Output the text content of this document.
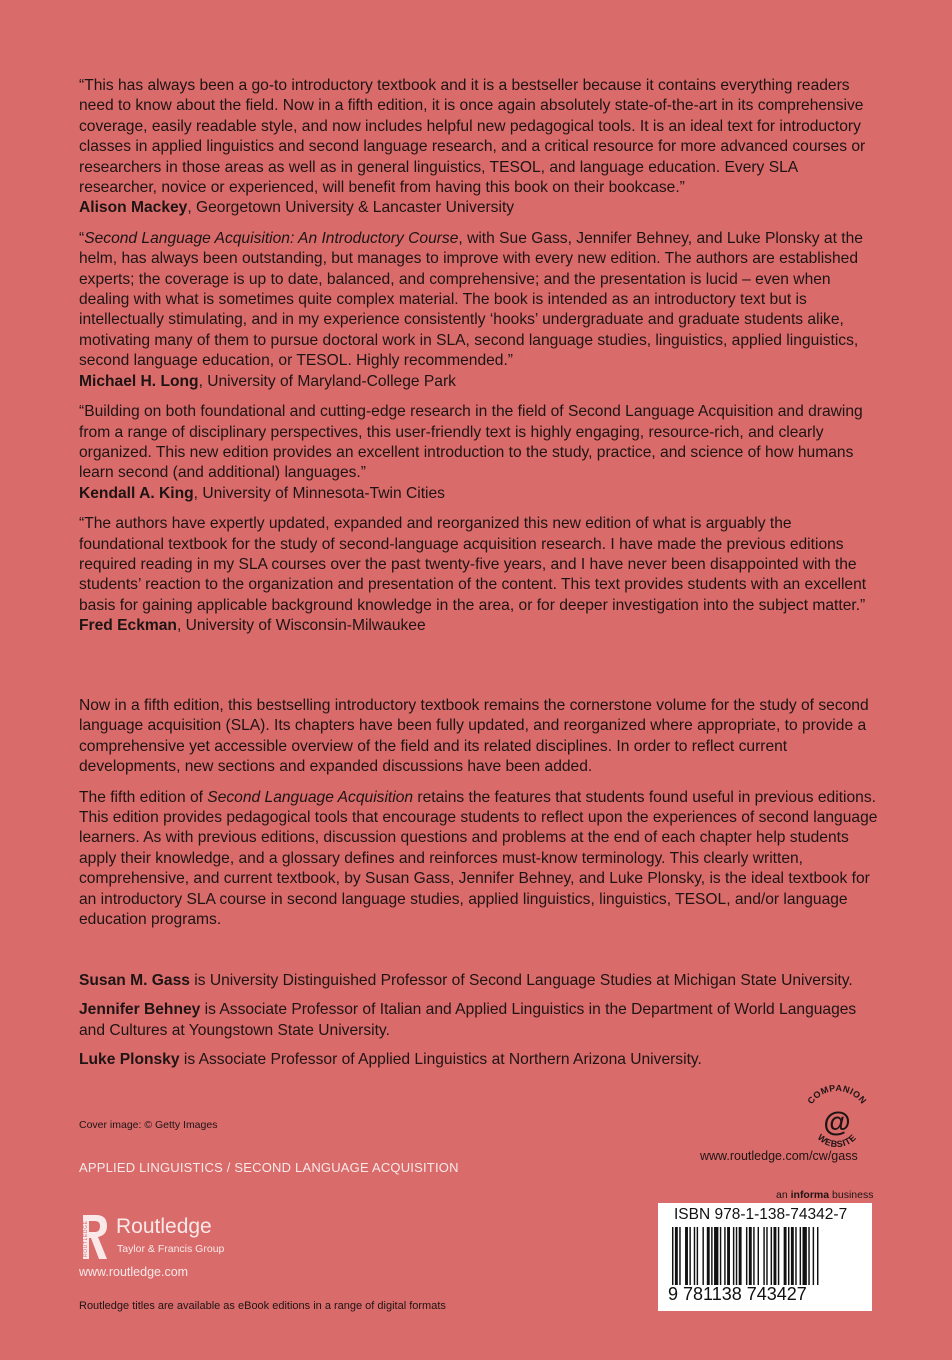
“This has always been a go-to introductory textbook and it is a bestseller because it contains everything readers need to know about the field. Now in a fifth edition, it is once again absolutely state-of-the-art in its comprehensive coverage, easily readable style, and now includes helpful new pedagogical tools. It is an ideal text for introductory classes in applied linguistics and second language research, and a critical resource for more advanced courses or researchers in those areas as well as in general linguistics, TESOL, and language education. Every SLA researcher, novice or experienced, will benefit from having this book on their bookcase.”
Alison Mackey, Georgetown University & Lancaster University
“Second Language Acquisition: An Introductory Course, with Sue Gass, Jennifer Behney, and Luke Plonsky at the helm, has always been outstanding, but manages to improve with every new edition. The authors are established experts; the coverage is up to date, balanced, and comprehensive; and the presentation is lucid – even when dealing with what is sometimes quite complex material. The book is intended as an introductory text but is intellectually stimulating, and in my experience consistently ‘hooks’ undergraduate and graduate students alike, motivating many of them to pursue doctoral work in SLA, second language studies, linguistics, applied linguistics, second language education, or TESOL. Highly recommended.”
Michael H. Long, University of Maryland-College Park
“Building on both foundational and cutting-edge research in the field of Second Language Acquisition and drawing from a range of disciplinary perspectives, this user-friendly text is highly engaging, resource-rich, and clearly organized. This new edition provides an excellent introduction to the study, practice, and science of how humans learn second (and additional) languages.”
Kendall A. King, University of Minnesota-Twin Cities
“The authors have expertly updated, expanded and reorganized this new edition of what is arguably the foundational textbook for the study of second-language acquisition research. I have made the previous editions required reading in my SLA courses over the past twenty-five years, and I have never been disappointed with the students’ reaction to the organization and presentation of the content. This text provides students with an excellent basis for gaining applicable background knowledge in the area, or for deeper investigation into the subject matter.”
Fred Eckman, University of Wisconsin-Milwaukee

Now in a fifth edition, this bestselling introductory textbook remains the cornerstone volume for the study of second language acquisition (SLA). Its chapters have been fully updated, and reorganized where appropriate, to provide a comprehensive yet accessible overview of the field and its related disciplines. In order to reflect current developments, new sections and expanded discussions have been added.

The fifth edition of Second Language Acquisition retains the features that students found useful in previous editions. This edition provides pedagogical tools that encourage students to reflect upon the experiences of second language learners. As with previous editions, discussion questions and problems at the end of each chapter help students apply their knowledge, and a glossary defines and reinforces must-know terminology. This clearly written, comprehensive, and current textbook, by Susan Gass, Jennifer Behney, and Luke Plonsky, is the ideal textbook for an introductory SLA course in second language studies, applied linguistics, linguistics, TESOL, and/or language education programs.

Susan M. Gass is University Distinguished Professor of Second Language Studies at Michigan State University.

Jennifer Behney is Associate Professor of Italian and Applied Linguistics in the Department of World Languages and Cultures at Youngstown State University.

Luke Plonsky is Associate Professor of Applied Linguistics at Northern Arizona University.

Cover image: © Getty Images
APPLIED LINGUISTICS / SECOND LANGUAGE ACQUISITION
ROUTLEDGE Routledge
Taylor & Francis Group
www.routledge.com
Routledge titles are available as eBook editions in a range of digital formats
COMPANION
WEBSITE
@
www.routledge.com/cw/gass
an informa business
ISBN 978-1-138-74342-7
9 781138 743427
